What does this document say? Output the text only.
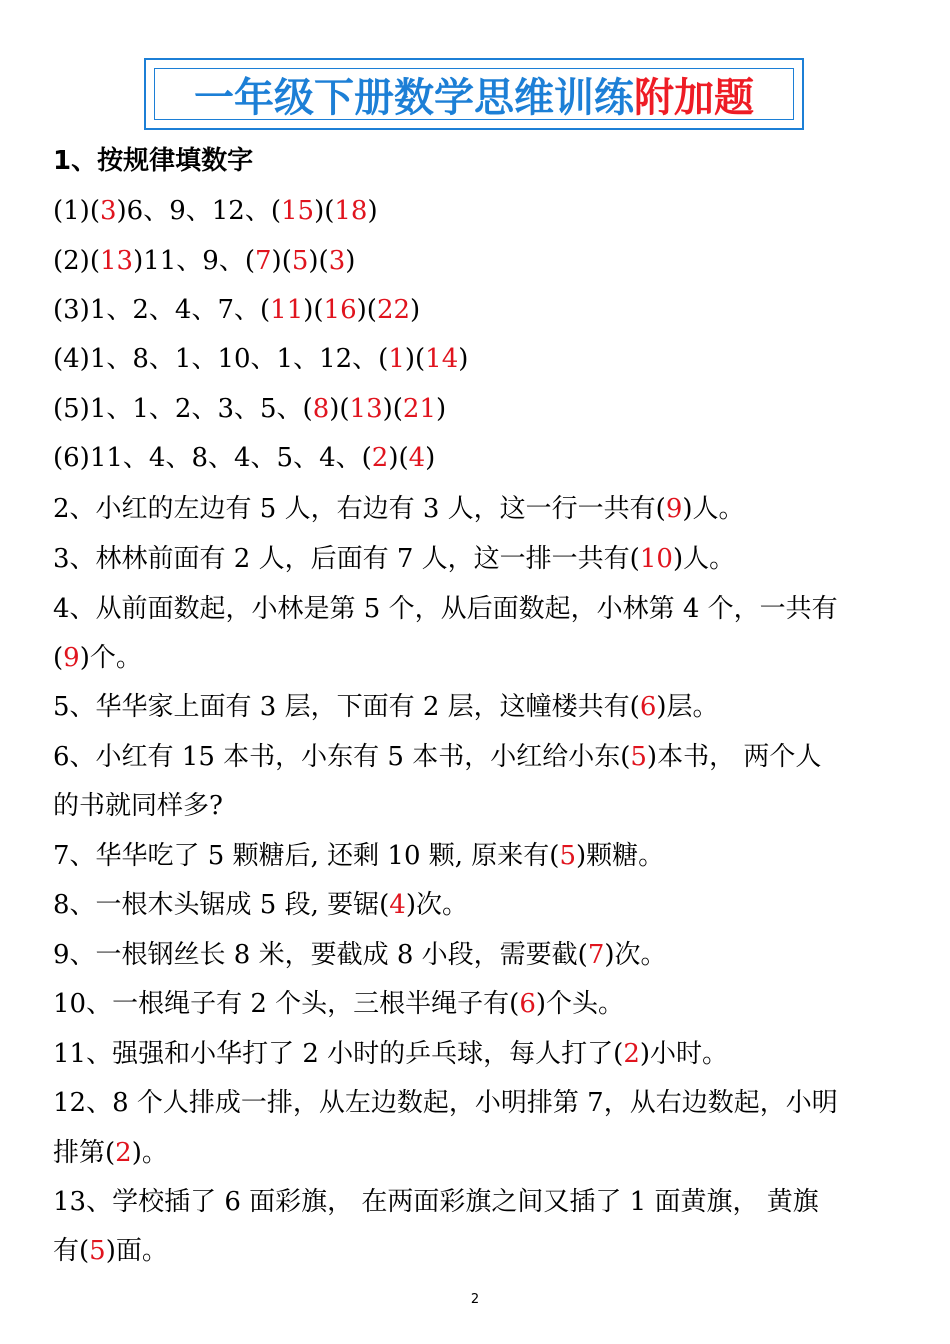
一年级下册数学思维训练 附加题
1、按规律填数字
(1)(3)6、9、12、(15)(18)
(2)(13)11、9、(7)(5)(3)
(3)1、2、4、7、(11)(16)(22)
(4)1、8、1、10、1、12、(1)(14)
(5)1、1、2、3、5、(8)(13)(21)
(6)11、4、8、4、5、4、(2)(4)
2、小红的左边有 5 人，右边有 3 人，这一行一共有(9)人。
3、林林前面有 2 人，后面有 7 人，这一排一共有(10)人。
4、从前面数起，小林是第 5 个，从后面数起，小林第 4 个，一共有
(9)个。
5、华华家上面有 3 层，下面有 2 层，这幢楼共有(6)层。
6、小红有 15 本书，小东有 5 本书，小红给小东(5)本书， 两个人
的书就同样多?
7、华华吃了 5 颗糖后, 还剩 10 颗, 原来有(5)颗糖。
8、一根木头锯成 5 段, 要锯(4)次。
9、一根钢丝长 8 米，要截成 8 小段，需要截(7)次。
10、一根绳子有 2 个头，三根半绳子有(6)个头。
11、强强和小华打了 2 小时的乒乓球，每人打了(2)小时。
12、8 个人排成一排，从左边数起，小明排第 7，从右边数起，小明
排第(2)。
13、学校插了 6 面彩旗， 在两面彩旗之间又插了 1 面黄旗， 黄旗
有(5)面。
2
